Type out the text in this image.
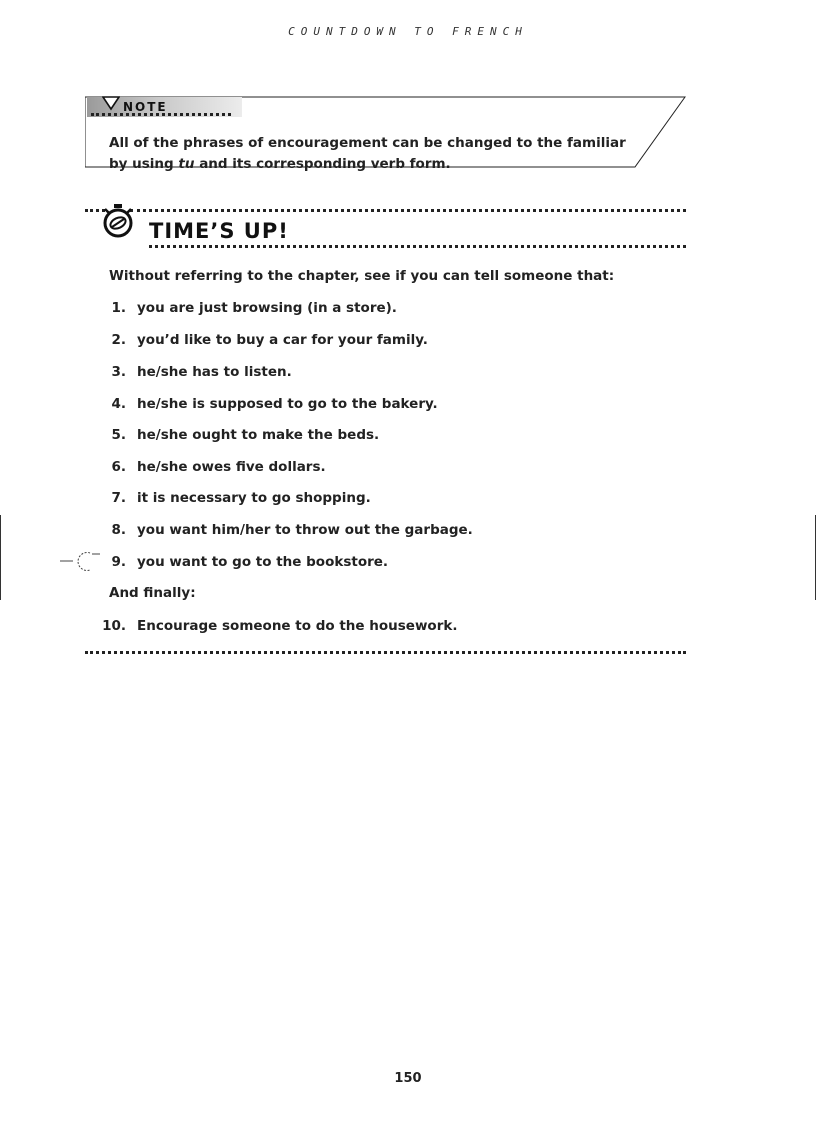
COUNTDOWN TO FRENCH
NOTE
All of the phrases of encouragement can be changed to the familiar
by using tu and its corresponding verb form.
TIME’S UP!
Without referring to the chapter, see if you can tell someone that:
1. you are just browsing (in a store).
2. you’d like to buy a car for your family.
3. he/she has to listen.
4. he/she is supposed to go to the bakery.
5. he/she ought to make the beds.
6. he/she owes five dollars.
7. it is necessary to go shopping.
8. you want him/her to throw out the garbage.
9. you want to go to the bookstore.
And finally:
10. Encourage someone to do the housework.
150
